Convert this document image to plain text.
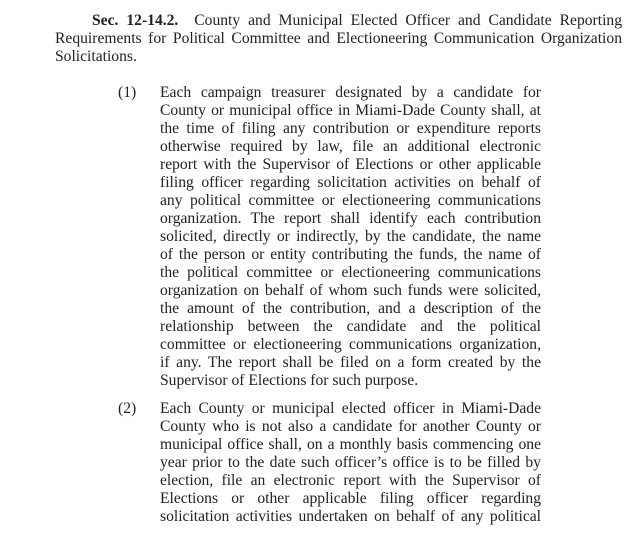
Sec. 12-14.2. County and Municipal Elected Officer and Candidate Reporting
Requirements for Political Committee and Electioneering Communication Organization
Solicitations.
(1) Each campaign treasurer designated by a candidate for
County or municipal office in Miami-Dade County shall, at
the time of filing any contribution or expenditure reports
otherwise required by law, file an additional electronic
report with the Supervisor of Elections or other applicable
filing officer regarding solicitation activities on behalf of
any political committee or electioneering communications
organization. The report shall identify each contribution
solicited, directly or indirectly, by the candidate, the name
of the person or entity contributing the funds, the name of
the political committee or electioneering communications
organization on behalf of whom such funds were solicited,
the amount of the contribution, and a description of the
relationship between the candidate and the political
committee or electioneering communications organization,
if any. The report shall be filed on a form created by the
Supervisor of Elections for such purpose.
(2) Each County or municipal elected officer in Miami-Dade
County who is not also a candidate for another County or
municipal office shall, on a monthly basis commencing one
year prior to the date such officer’s office is to be filled by
election, file an electronic report with the Supervisor of
Elections or other applicable filing officer regarding
solicitation activities undertaken on behalf of any political
